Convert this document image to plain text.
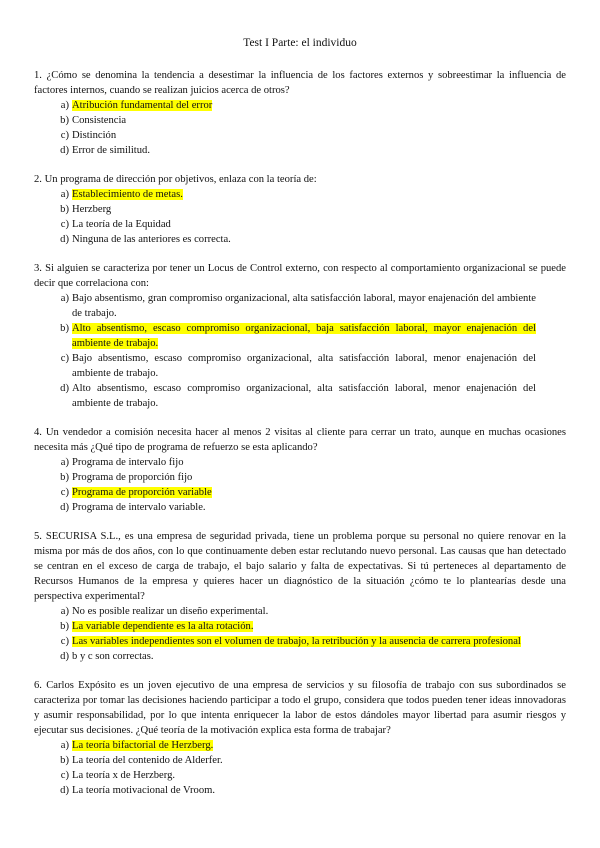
Test I Parte: el individuo

1. ¿Cómo se denomina la tendencia a desestimar la influencia de los factores externos y sobreestimar la influencia de factores internos, cuando se realizan juicios acerca de otros?

a) Atribución fundamental del error
b) Consistencia
c) Distinción
d) Error de similitud.

2. Un programa de dirección por objetivos, enlaza con la teoría de:

a) Establecimiento de metas.
b) Herzberg
c) La teoría de la Equidad
d) Ninguna de las anteriores es correcta.

3. Si alguien se caracteriza por tener un Locus de Control externo, con respecto al comportamiento organizacional se puede decir que correlaciona con:

a) Bajo absentismo, gran compromiso organizacional, alta satisfacción laboral, mayor enajenación del ambiente de trabajo.
b) Alto absentismo, escaso compromiso organizacional, baja satisfacción laboral, mayor enajenación del ambiente de trabajo.
c) Bajo absentismo, escaso compromiso organizacional, alta satisfacción laboral, menor enajenación del ambiente de trabajo.
d) Alto absentismo, escaso compromiso organizacional, alta satisfacción laboral, menor enajenación del ambiente de trabajo.

4. Un vendedor a comisión necesita hacer al menos 2 visitas al cliente para cerrar un trato, aunque en muchas ocasiones necesita más ¿Qué tipo de programa de refuerzo se esta aplicando?

a) Programa de intervalo fijo
b) Programa de proporción fijo
c) Programa de proporción variable
d) Programa de intervalo variable.

5. SECURISA S.L., es una empresa de seguridad privada, tiene un problema porque su personal no quiere renovar en la misma por más de dos años, con lo que continuamente deben estar reclutando nuevo personal. Las causas que han detectado se centran en el exceso de carga de trabajo, el bajo salario y falta de expectativas. Si tú perteneces al departamento de Recursos Humanos de la empresa y quieres hacer un diagnóstico de la situación ¿cómo te lo plantearías desde una perspectiva experimental?

a) No es posible realizar un diseño experimental.
b) La variable dependiente es la alta rotación.
c) Las variables independientes son el volumen de trabajo, la retribución y la ausencia de carrera profesional
d) b y c son correctas.

6. Carlos Expósito es un joven ejecutivo de una empresa de servicios y su filosofía de trabajo con sus subordinados se caracteriza por tomar las decisiones haciendo participar a todo el grupo, considera que todos pueden tener ideas innovadoras y asumir responsabilidad, por lo que intenta enriquecer la labor de estos dándoles mayor libertad para asumir riesgos y ejecutar sus decisiones. ¿Qué teoría de la motivación explica esta forma de trabajar?

a) La teoría bifactorial de Herzberg.
b) La teoría del contenido de Alderfer.
c) La teoría x de Herzberg.
d) La teoría motivacional de Vroom.
